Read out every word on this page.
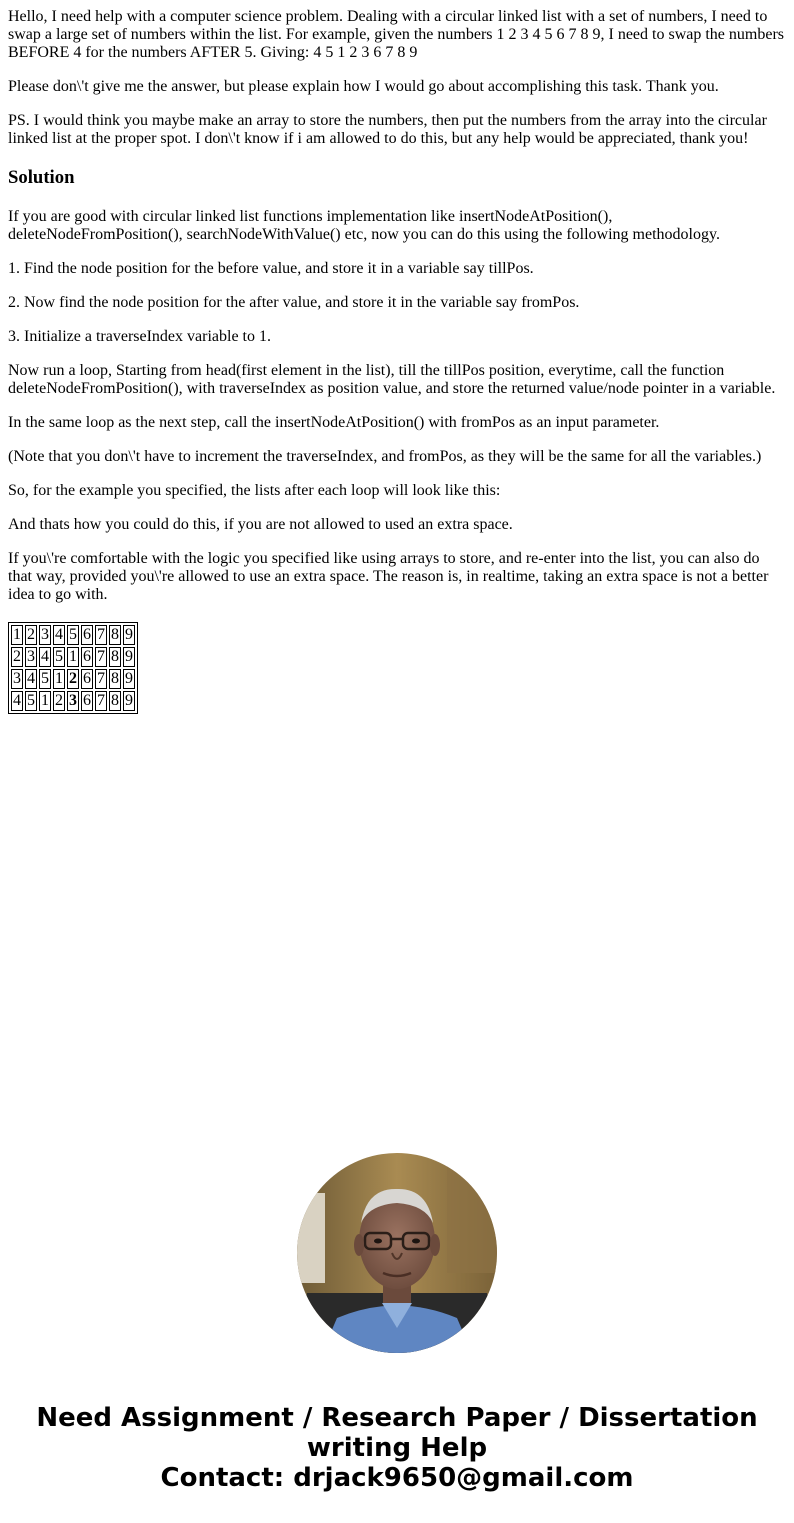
Hello, I need help with a computer science problem. Dealing with a circular linked list with a set of numbers, I need to swap a large set of numbers within the list. For example, given the numbers 1 2 3 4 5 6 7 8 9, I need to swap the numbers BEFORE 4 for the numbers AFTER 5. Giving: 4 5 1 2 3 6 7 8 9

Please don\'t give me the answer, but please explain how I would go about accomplishing this task. Thank you.

PS. I would think you maybe make an array to store the numbers, then put the numbers from the array into the circular linked list at the proper spot. I don\'t know if i am allowed to do this, but any help would be appreciated, thank you!

Solution

If you are good with circular linked list functions implementation like insertNodeAtPosition(), deleteNodeFromPosition(), searchNodeWithValue() etc, now you can do this using the following methodology.

1. Find the node position for the before value, and store it in a variable say tillPos.

2. Now find the node position for the after value, and store it in the variable say fromPos.

3. Initialize a traverseIndex variable to 1.

Now run a loop, Starting from head(first element in the list), till the tillPos position, everytime, call the function deleteNodeFromPosition(), with traverseIndex as position value, and store the returned value/node pointer in a variable.

In the same loop as the next step, call the insertNodeAtPosition() with fromPos as an input parameter.

(Note that you don\'t have to increment the traverseIndex, and fromPos, as they will be the same for all the variables.)

So, for the example you specified, the lists after each loop will look like this:

And thats how you could do this, if you are not allowed to used an extra space.

If you\'re comfortable with the logic you specified like using arrays to store, and re-enter into the list, you can also do that way, provided you\'re allowed to use an extra space. The reason is, in realtime, taking an extra space is not a better idea to go with.

1	2	3	4	5	6	7	8	9
2	3	4	5	1	6	7	8	9
3	4	5	1	2	6	7	8	9
4	5	1	2	3	6	7	8	9
Need Assignment / Research Paper / Dissertation
writing Help
Contact: drjack9650@gmail.com
